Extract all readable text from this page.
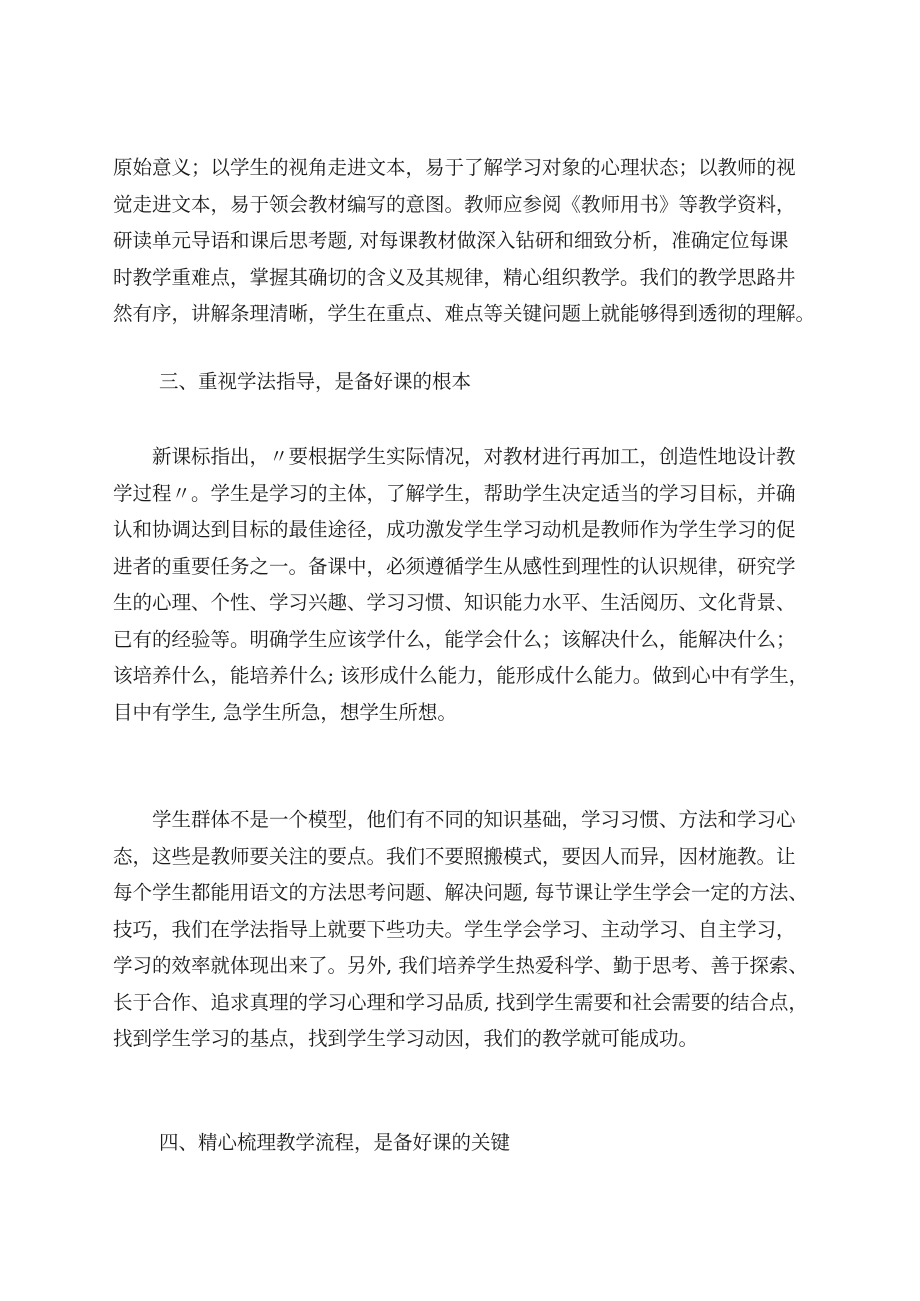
原始意义；以学生的视角走进文本，易于了解学习对象的心理状态；以教师的视
觉走进文本，易于领会教材编写的意图。教师应参阅《教师用书》等教学资料，
研读单元导语和课后思考题, 对每课教材做深入钻研和细致分析，准确定位每课
时教学重难点，掌握其确切的含义及其规律，精心组织教学。我们的教学思路井
然有序，讲解条理清晰，学生在重点、难点等关键问题上就能够得到透彻的理解。
三、重视学法指导，是备好课的根本
　　新课标指出，〃要根据学生实际情况，对教材进行再加工，创造性地设计教
学过程〃。学生是学习的主体，了解学生，帮助学生决定适当的学习目标，并确
认和协调达到目标的最佳途径，成功激发学生学习动机是教师作为学生学习的促
进者的重要任务之一。备课中，必须遵循学生从感性到理性的认识规律，研究学
生的心理、个性、学习兴趣、学习习惯、知识能力水平、生活阅历、文化背景、
已有的经验等。明确学生应该学什么，能学会什么；该解决什么，能解决什么；
该培养什么，能培养什么; 该形成什么能力，能形成什么能力。做到心中有学生，
目中有学生, 急学生所急，想学生所想。
　　学生群体不是一个模型，他们有不同的知识基础，学习习惯、方法和学习心
态，这些是教师要关注的要点。我们不要照搬模式，要因人而异，因材施教。让
每个学生都能用语文的方法思考问题、解决问题, 每节课让学生学会一定的方法、
技巧，我们在学法指导上就要下些功夫。学生学会学习、主动学习、自主学习，
学习的效率就体现出来了。另外, 我们培养学生热爱科学、勤于思考、善于探索、
长于合作、追求真理的学习心理和学习品质, 找到学生需要和社会需要的结合点，
找到学生学习的基点，找到学生学习动因，我们的教学就可能成功。
四、精心梳理教学流程，是备好课的关键
